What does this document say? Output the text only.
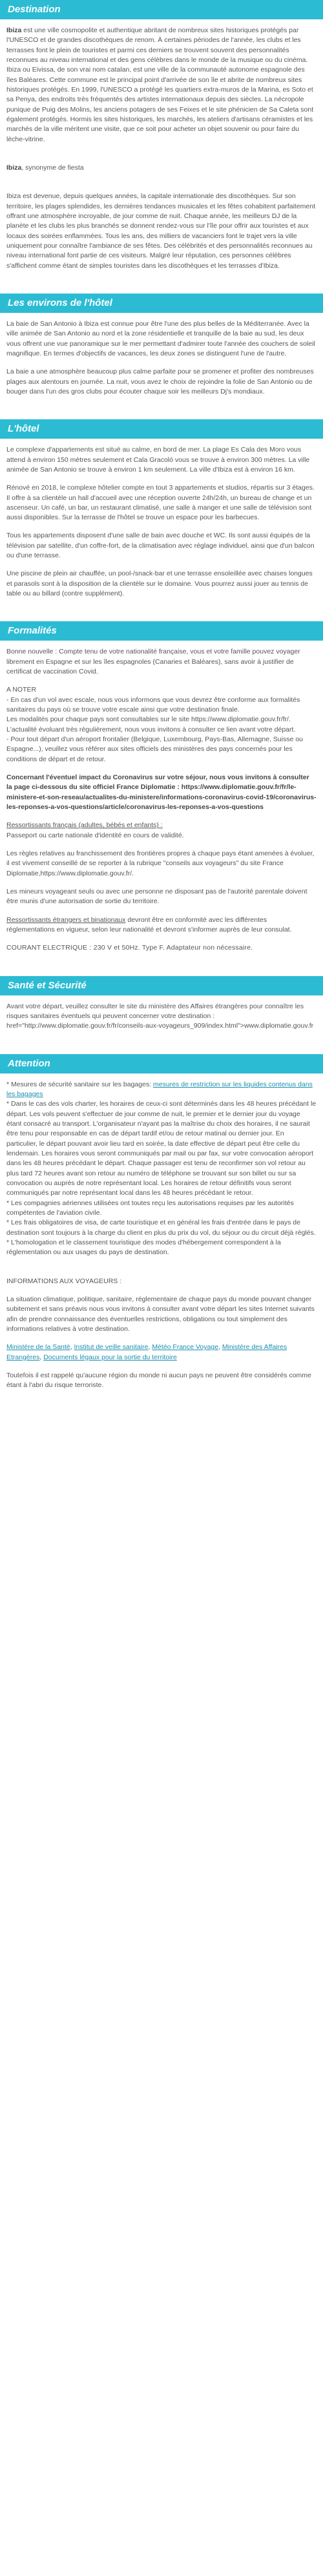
Destination

Ibiza est une ville cosmopolite et authentique abritant de nombreux sites historiques protégés par l'UNESCO et de grandes discothèques de renom. À certaines périodes de l'année, les clubs et les terrasses font le plein de touristes et parmi ces derniers se trouvent souvent des personnalités reconnues au niveau international et des gens célèbres dans le monde de la musique ou du cinéma. Ibiza ou Eivissa, de son vrai nom catalan, est une ville de la communauté autonome espagnole des îles Baléares. Cette commune est le principal point d'arrivée de son île et abrite de nombreux sites historiques protégés. En 1999, l'UNESCO a protégé les quartiers extra-muros de la Marina, es Soto et sa Penya, des endroits très fréquentés des artistes internationaux depuis des siècles. La nécropole punique de Puig des Molins, les anciens potagers de ses Feixes et le site phénicien de Sa Caleta sont également protégés. Hormis les sites historiques, les marchés, les ateliers d'artisans céramistes et les marchés de la ville méritent une visite, que ce soit pour acheter un objet souvenir ou pour faire du lèche-vitrine.

Ibiza, synonyme de fiesta

Ibiza est devenue, depuis quelques années, la capitale internationale des discothèques. Sur son territoire, les plages splendides, les dernières tendances musicales et les fêtes cohabitent parfaitement offrant une atmosphère incroyable, de jour comme de nuit. Chaque année, les meilleurs DJ de la planète et les clubs les plus branchés se donnent rendez-vous sur l'île pour offrir aux touristes et aux locaux des soirées enflammées. Tous les ans, des milliers de vacanciers font le trajet vers la ville uniquement pour connaître l'ambiance de ses fêtes. Des célébrités et des personnalités reconnues au niveau international font partie de ces visiteurs. Malgré leur réputation, ces personnes célèbres s'affichent comme étant de simples touristes dans les discothèques et les terrasses d'Ibiza.

Les environs de l'hôtel

La baie de San Antonio à Ibiza est connue pour être l'une des plus belles de la Méditerranée. Avec la ville animée de San Antonio au nord et la zone résidentielle et tranquille de la baie au sud, les deux vous offrent une vue panoramique sur le mer permettant d'admirer toute l'année des couchers de soleil magnifique. En termes d'objectifs de vacances, les deux zones se distinguent l'une de l'autre.

La baie a une atmosphère beaucoup plus calme parfaite pour se promener et profiter des nombreuses plages aux alentours en journée. La nuit, vous avez le choix de rejoindre la folie de San Antonio ou de bouger dans l'un des gros clubs pour écouter chaque soir les meilleurs Dj's mondiaux.

L'hôtel

Le complexe d'appartements est situé au calme, en bord de mer. La plage Es Cala des Moro vous attend à environ 150 mètres seulement et Cala Gracoló vous se trouve à environ 300 mètres. La ville animée de San Antonio se trouve à environ 1 km seulement. La ville d'Ibiza est à environ 16 km.

Rénové en 2018, le complexe hôtelier compte en tout 3 appartements et studios, répartis sur 3 étages. Il offre à sa clientèle un hall d'accueil avec une réception ouverte 24h/24h, un bureau de change et un ascenseur. Un café, un bar, un restaurant climatisé, une salle à manger et une salle de télévision sont aussi disponibles. Sur la terrasse de l'hôtel se trouve un espace pour les barbecues.

Tous les appartements disposent d'une salle de bain avec douche et WC. Ils sont aussi équipés de la télévision par satellite, d'un coffre-fort, de la climatisation avec réglage individuel, ainsi que d'un balcon ou d'une terrasse.

Une piscine de plein air chauffée, un pool-/snack-bar et une terrasse ensoleillée avec chaises longues et parasols sont à la disposition de la clientèle sur le domaine. Vous pourrez aussi jouer au tennis de table ou au billard (contre supplément).

Formalités

Bonne nouvelle : Compte tenu de votre nationalité française, vous et votre famille pouvez voyager librement en Espagne et sur les îles espagnoles (Canaries et Baléares), sans avoir à justifier de certificat de vaccination Covid.

A NOTER
- En cas d'un vol avec escale, nous vous informons que vous devrez être conforme aux formalités sanitaires du pays où se trouve votre escale ainsi que votre destination finale.
Les modalités pour chaque pays sont consultables sur le site https://www.diplomatie.gouv.fr/fr/. L'actualité évoluant très régulièrement, nous vous invitons à consulter ce lien avant votre départ.
- Pour tout départ d'un aéroport frontalier (Belgique, Luxembourg, Pays-Bas, Allemagne, Suisse ou Espagne...), veuillez vous référer aux sites officiels des ministères des pays concernés pour les conditions de départ et de retour.

Concernant l'éventuel impact du Coronavirus sur votre séjour, nous vous invitons à consulter la page ci-dessous du site officiel France Diplomatie : https://www.diplomatie.gouv.fr/fr/le-ministere-et-son-reseau/actualites-du-ministere/informations-coronavirus-covid-19/coronavirus-les-reponses-a-vos-questions/article/coronavirus-les-reponses-a-vos-questions

Ressortissants français (adultes, bébés et enfants) :
Passeport ou carte nationale d'identité en cours de validité.

Les règles relatives au franchissement des frontières propres à chaque pays étant amenées à évoluer, il est vivement conseillé de se reporter à la rubrique "conseils aux voyageurs" du site France Diplomatie,https://www.diplomatie.gouv.fr/.

Les mineurs voyageant seuls ou avec une personne ne disposant pas de l'autorité parentale doivent être munis d'une autorisation de sortie du territoire.

Ressortissants étrangers et binationaux devront être en conformité avec les différentes réglementations en vigueur, selon leur nationalité et devront s'informer auprès de leur consulat.

COURANT ELECTRIQUE : 230 V et 50Hz. Type F. Adaptateur non nécessaire.

Santé et Sécurité

Avant votre départ, veuillez consulter le site du ministère des Affaires étrangères pour connaître les risques sanitaires éventuels qui peuvent concerner votre destination : href="http://www.diplomatie.gouv.fr/fr/conseils-aux-voyageurs_909/index.html">www.diplomatie.gouv.fr

Attention

* Mesures de sécurité sanitaire sur les bagages: mesures de restriction sur les liquides contenus dans les bagages
* Dans le cas des vols charter, les horaires de ceux-ci sont déterminés dans les 48 heures précédant le départ. Les vols peuvent s'effectuer de jour comme de nuit, le premier et le dernier jour du voyage étant consacré au transport. L'organisateur n'ayant pas la maîtrise du choix des horaires, il ne saurait être tenu pour responsable en cas de départ tardif et/ou de retour matinal ou dernier jour. En particulier, le départ pouvant avoir lieu tard en soirée, la date effective de départ peut être celle du lendemain. Les horaires vous seront communiqués par mail ou par fax, sur votre convocation aéroport dans les 48 heures précédant le départ. Chaque passager est tenu de reconfirmer son vol retour au plus tard 72 heures avant son retour au numéro de téléphone se trouvant sur son billet ou sur sa convocation ou auprès de notre représentant local. Les horaires de retour définitifs vous seront communiqués par notre représentant local dans les 48 heures précédant le retour.
* Les compagnies aériennes utilisées ont toutes reçu les autorisations requises par les autorités compétentes de l'aviation civile.
* Les frais obligatoires de visa, de carte touristique et en général les frais d'entrée dans le pays de destination sont toujours à la charge du client en plus du prix du vol, du séjour ou du circuit déjà réglés.
* L'homologation et le classement touristique des modes d'hébergement correspondent à la réglementation ou aux usages du pays de destination.

INFORMATIONS AUX VOYAGEURS :

La situation climatique, politique, sanitaire, réglementaire de chaque pays du monde pouvant changer subitement et sans préavis nous vous invitons à consulter avant votre départ les sites Internet suivants afin de prendre connaissance des éventuelles restrictions, obligations ou tout simplement des informations relatives à votre destination.

Ministère de la Santé, Institut de veille sanitaire, Météo France Voyage, Ministère des Affaires Etrangères, Documents légaux pour la sortie du territoire

Toutefois il est rappelé qu'aucune région du monde ni aucun pays ne peuvent être considérés comme étant à l'abri du risque terroriste.
